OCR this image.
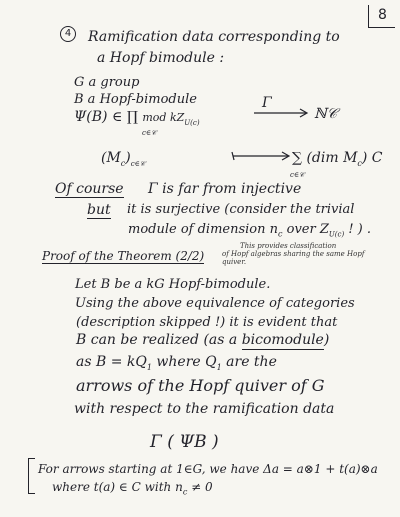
8
4	Ramification data corresponding to
a Hopf bimodule :
G a group
B a Hopf-bimodule
Ψ(B) ∈ ∏ mod $kZ_{U(c)}$
c∈𝒞
Γ
ℕ𝒞
$(M_c)_{c\in 𝒞}$	∑ (dim $M_c$) C
c∈𝒞
Of course Γ is far from injective
but it is surjective (consider the trivial
module of dimension $n_c$ over $Z_{U(c)}$ ! ) .
This provides classification
of Hopf algebras sharing the same Hopf
quiver.
Proof of the Theorem (2/2)
Let B be a kG Hopf-bimodule.
Using the above equivalence of categories
(description skipped !) it is evident that
B can be realized (as a bicomodule)
as $B = kQ_1$ where $Q_1$ are the
arrows of the Hopf quiver of G
with respect to the ramification data
Γ ( ΨB )
For arrows starting at 1∈G, we have Δa = a⊗1 + t(a)⊗a
where t(a) ∈ C with $n_c \ne 0$
